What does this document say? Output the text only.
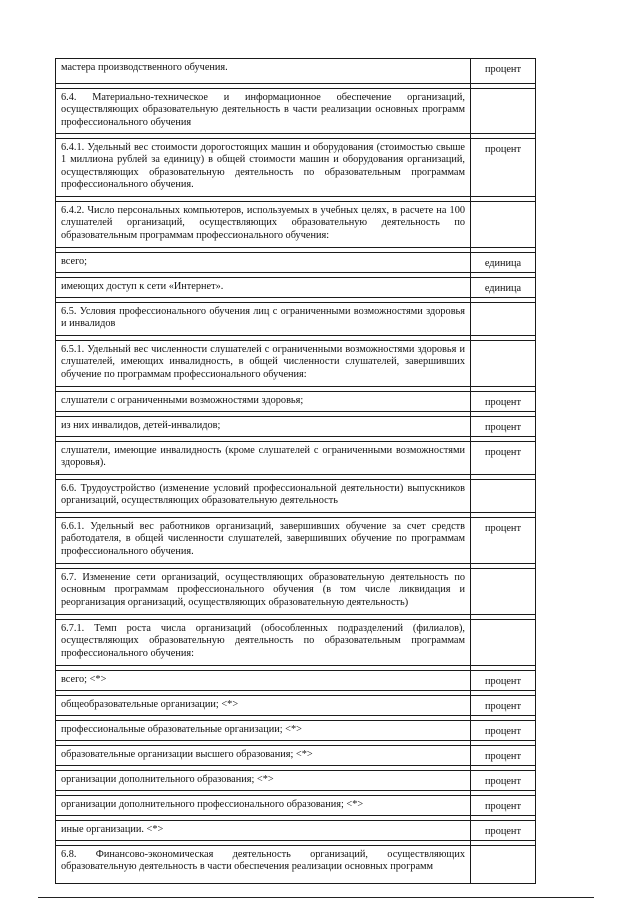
мастера производственного обучения.	процент

6.4. Материально-техническое и информационное обеспечение организаций, осуществляющих образовательную деятельность в части реализации основных программ профессионального обучения	

6.4.1. Удельный вес стоимости дорогостоящих машин и оборудования (стоимостью свыше 1 миллиона рублей за единицу) в общей стоимости машин и оборудования организаций, осуществляющих образовательную деятельность по образовательным программам профессионального обучения.	процент

6.4.2. Число персональных компьютеров, используемых в учебных целях, в расчете на 100 слушателей организаций, осуществляющих образовательную деятельность по образовательным программам профессионального обучения:	

всего;	единица

имеющих доступ к сети «Интернет».	единица

6.5. Условия профессионального обучения лиц с ограниченными возможностями здоровья и инвалидов	

6.5.1. Удельный вес численности слушателей с ограниченными возможностями здоровья и слушателей, имеющих инвалидность, в общей численности слушателей, завершивших обучение по программам профессионального обучения:	

слушатели с ограниченными возможностями здоровья;	процент

из них инвалидов, детей-инвалидов;	процент

слушатели, имеющие инвалидность (кроме слушателей с ограниченными возможностями здоровья).	процент

6.6. Трудоустройство (изменение условий профессиональной деятельности) выпускников организаций, осуществляющих образовательную деятельность	

6.6.1. Удельный вес работников организаций, завершивших обучение за счет средств работодателя, в общей численности слушателей, завершивших обучение по программам профессионального обучения.	процент

6.7. Изменение сети организаций, осуществляющих образовательную деятельность по основным программам профессионального обучения (в том числе ликвидация и реорганизация организаций, осуществляющих образовательную деятельность)	

6.7.1. Темп роста числа организаций (обособленных подразделений (филиалов), осуществляющих образовательную деятельность по образовательным программам профессионального обучения:	

всего; <*>	процент

общеобразовательные организации; <*>	процент

профессиональные образовательные организации; <*>	процент

образовательные организации высшего образования; <*>	процент

организации дополнительного образования; <*>	процент

организации дополнительного профессионального образования; <*>	процент

иные организации. <*>	процент

6.8. Финансово-экономическая деятельность организаций, осуществляющих образовательную деятельность в части обеспечения реализации основных программ	
